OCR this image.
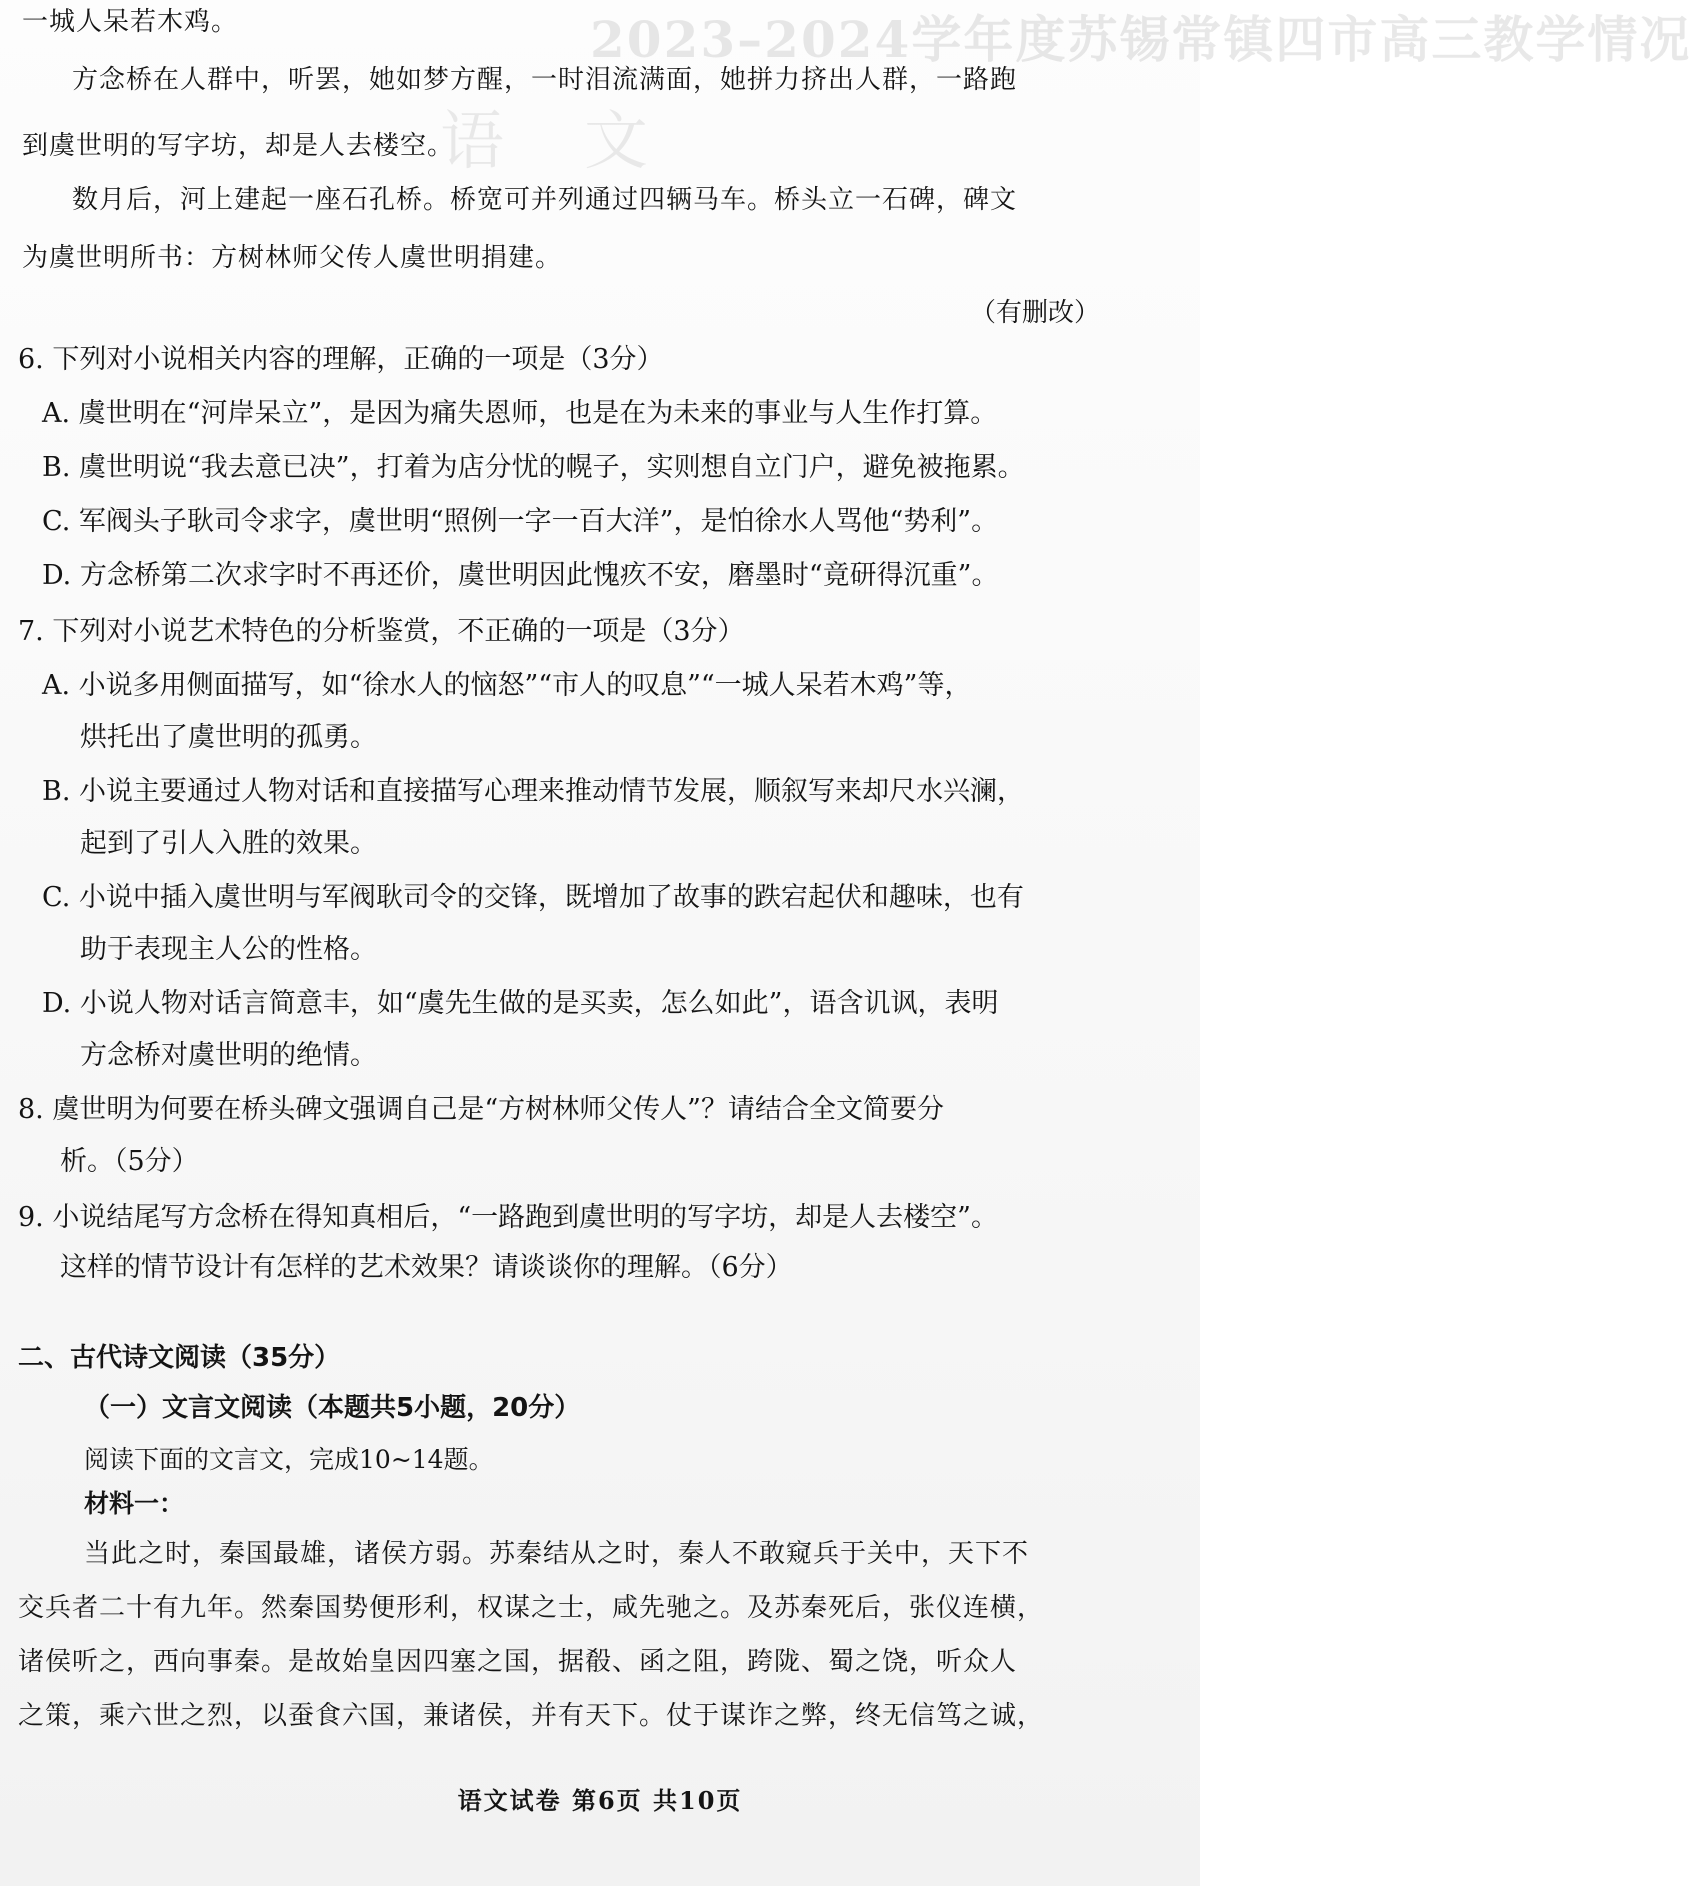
2023–2024学年度苏锡常镇四市高三教学情况
语文
一城人呆若木鸡。
方念桥在人群中，听罢，她如梦方醒，一时泪流满面，她拼力挤出人群，一路跑
到虞世明的写字坊，却是人去楼空。
数月后，河上建起一座石孔桥。桥宽可并列通过四辆马车。桥头立一石碑，碑文
为虞世明所书：方树林师父传人虞世明捐建。
（有删改）
6. 下列对小说相关内容的理解，正确的一项是（3分）
A. 虞世明在“河岸呆立”，是因为痛失恩师，也是在为未来的事业与人生作打算。
B. 虞世明说“我去意已决”，打着为店分忧的幌子，实则想自立门户，避免被拖累。
C. 军阀头子耿司令求字，虞世明“照例一字一百大洋”，是怕徐水人骂他“势利”。
D. 方念桥第二次求字时不再还价，虞世明因此愧疚不安，磨墨时“竟研得沉重”。
7. 下列对小说艺术特色的分析鉴赏，不正确的一项是（3分）
A. 小说多用侧面描写，如“徐水人的恼怒”“市人的叹息”“一城人呆若木鸡”等，
烘托出了虞世明的孤勇。
B. 小说主要通过人物对话和直接描写心理来推动情节发展，顺叙写来却尺水兴澜，
起到了引人入胜的效果。
C. 小说中插入虞世明与军阀耿司令的交锋，既增加了故事的跌宕起伏和趣味，也有
助于表现主人公的性格。
D. 小说人物对话言简意丰，如“虞先生做的是买卖，怎么如此”，语含讥讽，表明
方念桥对虞世明的绝情。
8. 虞世明为何要在桥头碑文强调自己是“方树林师父传人”？请结合全文简要分
析。（5分）
9. 小说结尾写方念桥在得知真相后，“一路跑到虞世明的写字坊，却是人去楼空”。
这样的情节设计有怎样的艺术效果？请谈谈你的理解。（6分）
二、古代诗文阅读（35分）
（一）文言文阅读（本题共5小题，20分）
阅读下面的文言文，完成10~14题。
材料一：
当此之时，秦国最雄，诸侯方弱。苏秦结从之时，秦人不敢窥兵于关中，天下不
交兵者二十有九年。然秦国势便形利，权谋之士，咸先驰之。及苏秦死后，张仪连横，
诸侯听之，西向事秦。是故始皇因四塞之国，据殽、函之阻，跨陇、蜀之饶，听众人
之策，乘六世之烈，以蚕食六国，兼诸侯，并有天下。仗于谋诈之弊，终无信笃之诚，
语文试卷 第6页 共10页
